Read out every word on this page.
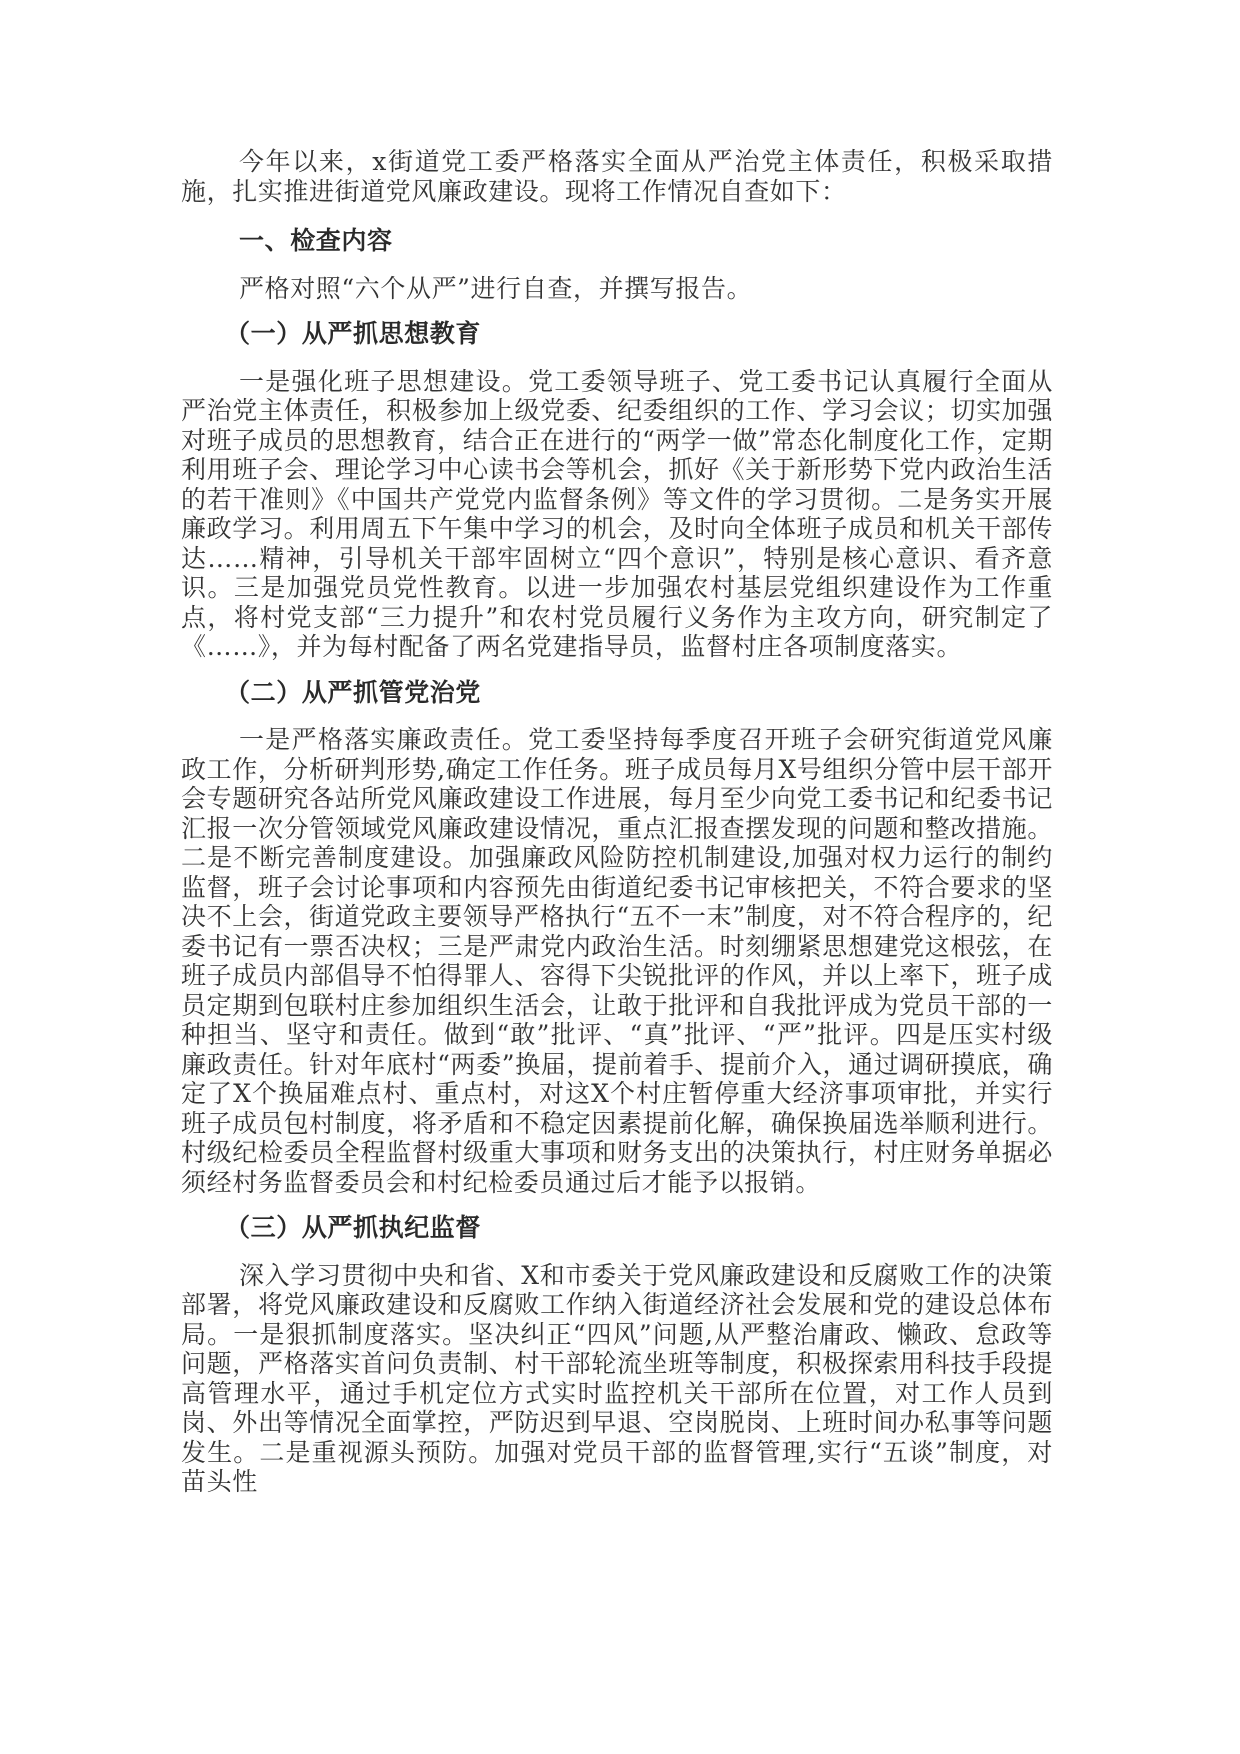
今年以来，x街道党工委严格落实全面从严治党主体责任，积极采取措施，扎实推进街道党风廉政建设。现将工作情况自查如下：

一、检查内容

严格对照“六个从严”进行自查，并撰写报告。

（一）从严抓思想教育

一是强化班子思想建设。党工委领导班子、党工委书记认真履行全面从严治党主体责任，积极参加上级党委、纪委组织的工作、学习会议；切实加强对班子成员的思想教育，结合正在进行的“两学一做”常态化制度化工作，定期利用班子会、理论学习中心读书会等机会，抓好《关于新形势下党内政治生活的若干准则》《中国共产党党内监督条例》等文件的学习贯彻。二是务实开展廉政学习。利用周五下午集中学习的机会，及时向全体班子成员和机关干部传达……精神，引导机关干部牢固树立“四个意识”，特别是核心意识、看齐意识。三是加强党员党性教育。以进一步加强农村基层党组织建设作为工作重点，将村党支部“三力提升”和农村党员履行义务作为主攻方向，研究制定了《……》，并为每村配备了两名党建指导员，监督村庄各项制度落实。

（二）从严抓管党治党

一是严格落实廉政责任。党工委坚持每季度召开班子会研究街道党风廉政工作，分析研判形势,确定工作任务。班子成员每月X号组织分管中层干部开会专题研究各站所党风廉政建设工作进展，每月至少向党工委书记和纪委书记汇报一次分管领域党风廉政建设情况，重点汇报查摆发现的问题和整改措施。二是不断完善制度建设。加强廉政风险防控机制建设,加强对权力运行的制约监督，班子会讨论事项和内容预先由街道纪委书记审核把关，不符合要求的坚决不上会，街道党政主要领导严格执行“五不一末”制度，对不符合程序的，纪委书记有一票否决权；三是严肃党内政治生活。时刻绷紧思想建党这根弦，在班子成员内部倡导不怕得罪人、容得下尖锐批评的作风，并以上率下，班子成员定期到包联村庄参加组织生活会，让敢于批评和自我批评成为党员干部的一种担当、坚守和责任。做到“敢”批评、“真”批评、“严”批评。四是压实村级廉政责任。针对年底村“两委”换届，提前着手、提前介入，通过调研摸底，确定了X个换届难点村、重点村，对这X个村庄暂停重大经济事项审批，并实行班子成员包村制度，将矛盾和不稳定因素提前化解，确保换届选举顺利进行。村级纪检委员全程监督村级重大事项和财务支出的决策执行，村庄财务单据必须经村务监督委员会和村纪检委员通过后才能予以报销。

（三）从严抓执纪监督

深入学习贯彻中央和省、X和市委关于党风廉政建设和反腐败工作的决策部署，将党风廉政建设和反腐败工作纳入街道经济社会发展和党的建设总体布局。一是狠抓制度落实。坚决纠正“四风”问题,从严整治庸政、懒政、怠政等问题，严格落实首问负责制、村干部轮流坐班等制度，积极探索用科技手段提高管理水平，通过手机定位方式实时监控机关干部所在位置，对工作人员到岗、外出等情况全面掌控，严防迟到早退、空岗脱岗、上班时间办私事等问题发生。二是重视源头预防。加强对党员干部的监督管理,实行“五谈”制度，对苗头性
